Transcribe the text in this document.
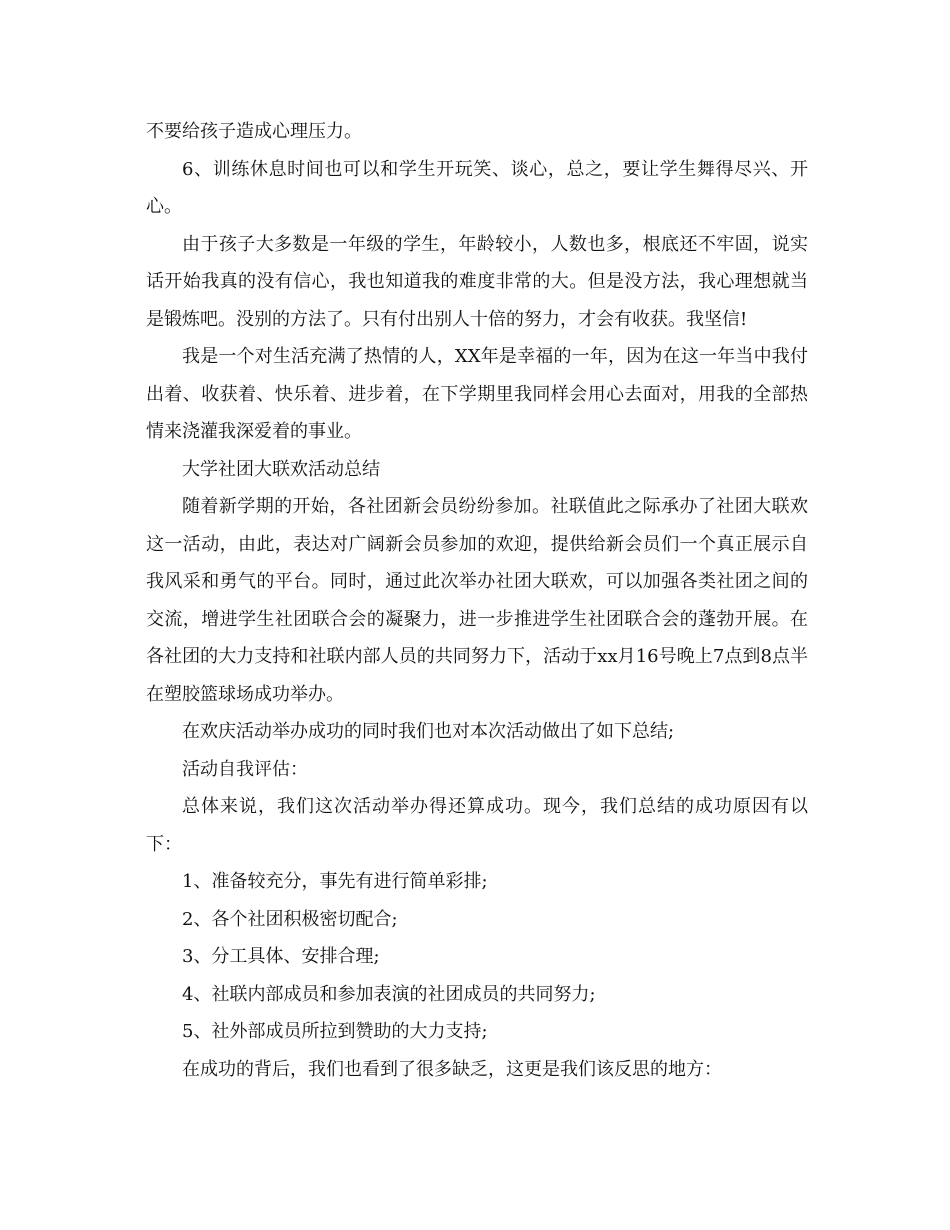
不要给孩子造成心理压力。

6、训练休息时间也可以和学生开玩笑、谈心，总之，要让学生舞得尽兴、开心。

由于孩子大多数是一年级的学生，年龄较小，人数也多，根底还不牢固，说实话开始我真的没有信心，我也知道我的难度非常的大。但是没方法，我心理想就当是锻炼吧。没别的方法了。只有付出别人十倍的努力，才会有收获。我坚信!

我是一个对生活充满了热情的人，XX年是幸福的一年，因为在这一年当中我付出着、收获着、快乐着、进步着，在下学期里我同样会用心去面对，用我的全部热情来浇灌我深爱着的事业。

大学社团大联欢活动总结

随着新学期的开始，各社团新会员纷纷参加。社联值此之际承办了社团大联欢这一活动，由此，表达对广阔新会员参加的欢迎，提供给新会员们一个真正展示自我风采和勇气的平台。同时，通过此次举办社团大联欢，可以加强各类社团之间的交流，增进学生社团联合会的凝聚力，进一步推进学生社团联合会的蓬勃开展。在各社团的大力支持和社联内部人员的共同努力下，活动于xx月16号晚上7点到8点半在塑胶篮球场成功举办。

在欢庆活动举办成功的同时我们也对本次活动做出了如下总结;

活动自我评估：

总体来说，我们这次活动举办得还算成功。现今，我们总结的成功原因有以下：

1、准备较充分，事先有进行简单彩排;

2、各个社团积极密切配合;

3、分工具体、安排合理;

4、社联内部成员和参加表演的社团成员的共同努力;

5、社外部成员所拉到赞助的大力支持;

在成功的背后，我们也看到了很多缺乏，这更是我们该反思的地方：
